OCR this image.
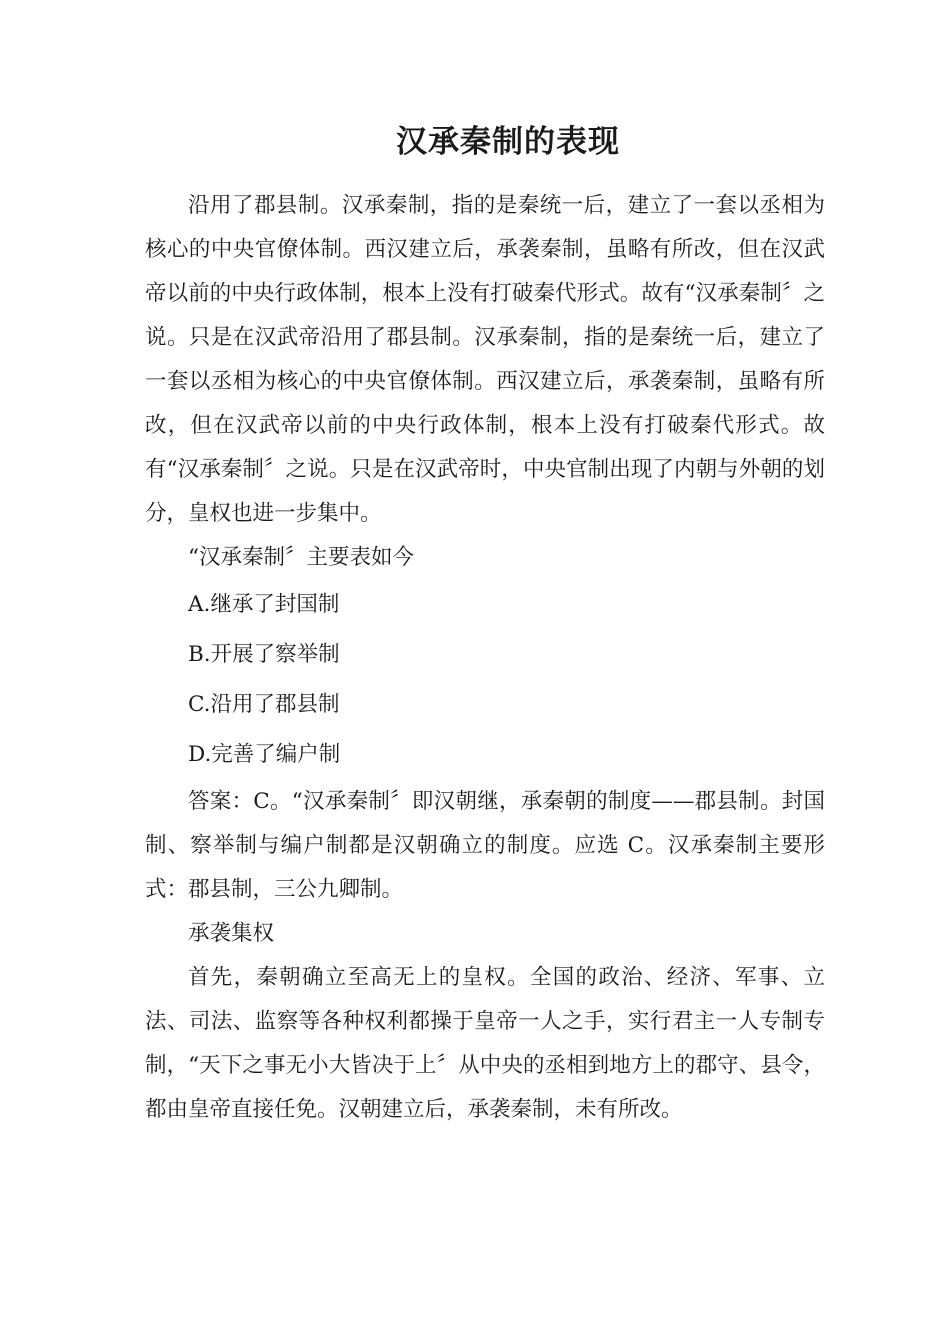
汉承秦制的表现

沿用了郡县制。汉承秦制，指的是秦统一后，建立了一套以丞相为核心的中央官僚体制。西汉建立后，承袭秦制，虽略有所改，但在汉武帝以前的中央行政体制，根本上没有打破秦代形式。故有“汉承秦制〞之说。只是在汉武帝沿用了郡县制。汉承秦制，指的是秦统一后，建立了一套以丞相为核心的中央官僚体制。西汉建立后，承袭秦制，虽略有所改，但在汉武帝以前的中央行政体制，根本上没有打破秦代形式。故有“汉承秦制〞之说。只是在汉武帝时，中央官制出现了内朝与外朝的划分，皇权也进一步集中。

“汉承秦制〞主要表如今

A.继承了封国制

B.开展了察举制

C.沿用了郡县制

D.完善了编户制

答案：C。“汉承秦制〞即汉朝继，承秦朝的制度——郡县制。封国制、察举制与编户制都是汉朝确立的制度。应选 C。汉承秦制主要形式：郡县制，三公九卿制。

承袭集权

首先，秦朝确立至高无上的皇权。全国的政治、经济、军事、立法、司法、监察等各种权利都操于皇帝一人之手，实行君主一人专制专制，“天下之事无小大皆决于上〞从中央的丞相到地方上的郡守、县令，都由皇帝直接任免。汉朝建立后，承袭秦制，未有所改。
